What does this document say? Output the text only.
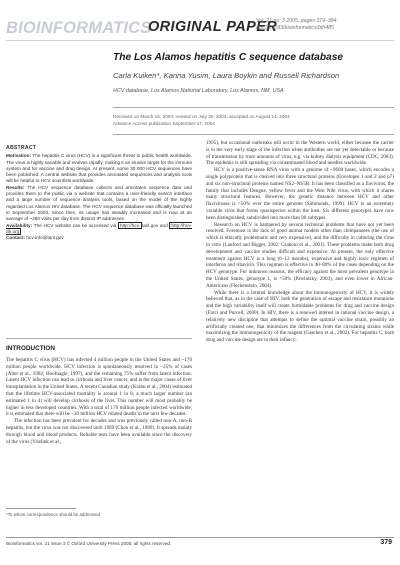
BIOINFORMATICS
ORIGINAL PAPER
Vol. 21 no. 3 2005, pages 379–384
doi:10.1093/bioinformatics/bth485
The Los Alamos hepatitis C sequence database
Carla Kuiken*, Karina Yusim, Laura Boykin and Russell Richardson
HCV database, Los Alamos National Laboratory, Los Alamos, NM, USA
Received on March 16, 2004; revised on July 30, 2004; accepted on August 14, 2004
Advance Access publication September 17, 2004
ABSTRACT
Motivation: The hepatitis C virus (HCV) is a significant threat to public health worldwide. The virus is highly variable and evolves rapidly, making it an elusive target for the immune system and for vaccine and drug design. At present, some 30 000 HCV sequences have been published. A central website that provides annotated sequences and analysis tools will be helpful to HCV scientists worldwide.
Results: The HCV sequence database collects and annotates sequence data and provides them to the public via a website that contains a user-friendly search interface and a large number of sequence analysis tools, based on the model of the highly regarded Los Alamos HIV database. The HCV sequence database was officially launched in September 2003. Since then, its usage has steadily increased and is now at an average of ~260 visits per day from distinct IP addresses.
Availability: The HCV website can be accessed via http://hcv. lanl.gov and http://hcv-db.org
Contact: hcv-info@lanl.gov
INTRODUCTION

The hepatitis C virus (HCV) has infected 4 million people in the United States and ~170 million people worldwide. HCV infection is spontaneously resolved in ~25% of cases (Alter et al., 1992; Hoofnagle, 1997), and the remaining 75% suffer from latent infection. Latent HCV infection can lead to cirrhosis and liver cancer, and is the major cause of liver transplantation in the United States. A recent Canadian study (Krahn et al., 2004) estimated that the lifetime HCV-associated mortality is around 1 in 8; a much larger number (an estimated 1 in 4) will develop cirrhosis of the liver. This number will most probably be higher in less developed countries. With a total of 170 million people infected worldwide, it is estimated that there will be ~20 million HCV related deaths in the next few decades.

The infection has been prevalent for decades and was previously called non-A, non-B hepatitis, but the virus was not discovered until 1989 (Choo et al., 1989). It spreads mainly through blood and blood products. Reliable tests have been available since the discovery of the virus (Vrielink et al.,

*To whom correspondence should be addressed.

1995), but occasional outbreaks still occur in the Western world, either because the carrier is in the very early stage of the infection when antibodies are not yet detectable or because of transmission by trace amounts of virus, e.g. via kidney dialysis equipment (CDC, 2003). The epidemic is still spreading via contaminated blood and needles worldwide.

HCV is a positive-sense RNA virus with a genome of ~9600 bases, which encodes a single polyprotein that is cleaved into three structural proteins (Envelopes 1 and 2 and p7) and six non-structural proteins named NS2–NS5B. It has been classified as a flavivirus, the family that includes Dengue, yellow fever and the West Nile virus, with which it shares many structural features. However, the genetic distance between HCV and other flaviviruses is >50% over the entire genome (Simmonds, 1999). HCV is an extremely variable virus that forms quasispecies within the host. Six different genotypes have now been distinguished, subdivided into more than 80 subtypes.

Research on HCV is hampered by several technical problems that have not yet been resolved. Foremost is the lack of good animal models other than chimpanzees (the use of which is ethically problematic and very expensive), and the difficulty in culturing the virus in vitro (Lanford and Bigger, 2002; Grakoui et al., 2001). These problems make both drug development and vaccine studies difficult and expensive. At present, the only effective treatment against HCV is a long (6–12 months), expensive and highly toxic regimen of interferon and ribavirin. This regimen is effective in 40–80% of the cases depending on the HCV genotype. For unknown reasons, the efficacy against the most prevalent genotype in the United States, genotype 1, is <50% (Pawlotsky, 2003), and even lower in African-Americans (Fleckenstein, 2004).

While there is a limited knowledge about the immunogenicity of HCV, it is widely believed that, as in the case of HIV, both the generation of escape and resistance mutations and the high variability itself will create formidable problems for drug and vaccine design (Farci and Purcell, 2000). In HIV, there is a renewed interest in rational vaccine design, a relatively new discipline that attempts to define the optimal vaccine strain, possibly an artificially created one, that minimizes the differences from the circulating strains while maximizing the immunogenicity of the reagent (Gaschen et al., 2002). For hepatitis C, both drug and vaccine design are in their infancy;

Bioinformatics vol. 21 issue 3 © Oxford University Press 2005; all rights reserved.	379
